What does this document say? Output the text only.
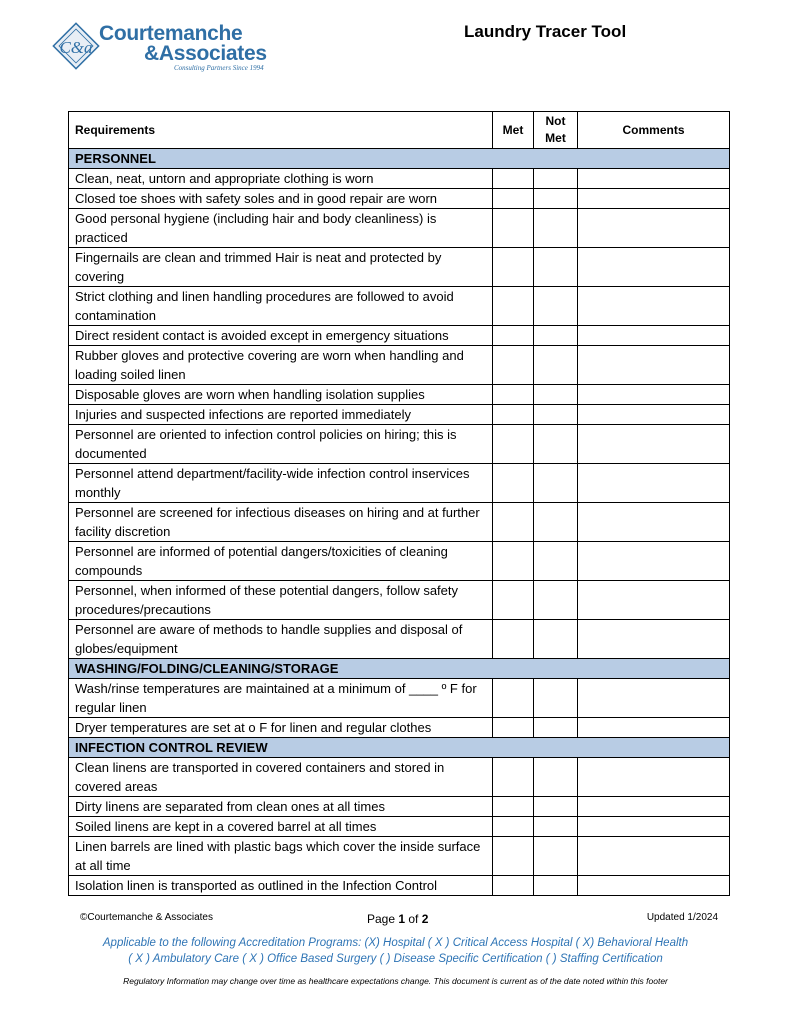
C&a
Courtemanche
&Associates
Consulting Partners Since 1994
Laundry Tracer Tool
Requirements	Met	Not Met	Comments
PERSONNEL			
Clean, neat, untorn and appropriate clothing is worn			
Closed toe shoes with safety soles and in good repair are worn			
Good personal hygiene (including hair and body cleanliness) is practiced			
Fingernails are clean and trimmed Hair is neat and protected by covering			
Strict clothing and linen handling procedures are followed to avoid contamination			
Direct resident contact is avoided except in emergency situations			
Rubber gloves and protective covering are worn when handling and loading soiled linen			
Disposable gloves are worn when handling isolation supplies			
Injuries and suspected infections are reported immediately			
Personnel are oriented to infection control policies on hiring; this is documented			
Personnel attend department/facility-wide infection control inservices monthly			
Personnel are screened for infectious diseases on hiring and at further facility discretion			
Personnel are informed of potential dangers/toxicities of cleaning compounds			
Personnel, when informed of these potential dangers, follow safety procedures/precautions			
Personnel are aware of methods to handle supplies and disposal of globes/equipment			
WASHING/FOLDING/CLEANING/STORAGE			
Wash/rinse temperatures are maintained at a minimum of ____ º F for regular linen			
Dryer temperatures are set at o F for linen and regular clothes			
INFECTION CONTROL REVIEW			
Clean linens are transported in covered containers and stored in covered areas			
Dirty linens are separated from clean ones at all times			
Soiled linens are kept in a covered barrel at all times			
Linen barrels are lined with plastic bags which cover the inside surface at all time			
Isolation linen is transported as outlined in the Infection Control			
©Courtemanche & Associates	Page 1 of 2	Updated 1/2024
Applicable to the following Accreditation Programs: (X) Hospital ( X ) Critical Access Hospital ( X) Behavioral Health
( X ) Ambulatory Care ( X ) Office Based Surgery ( ) Disease Specific Certification ( ) Staffing Certification
Regulatory Information may change over time as healthcare expectations change. This document is current as of the date noted within this footer
